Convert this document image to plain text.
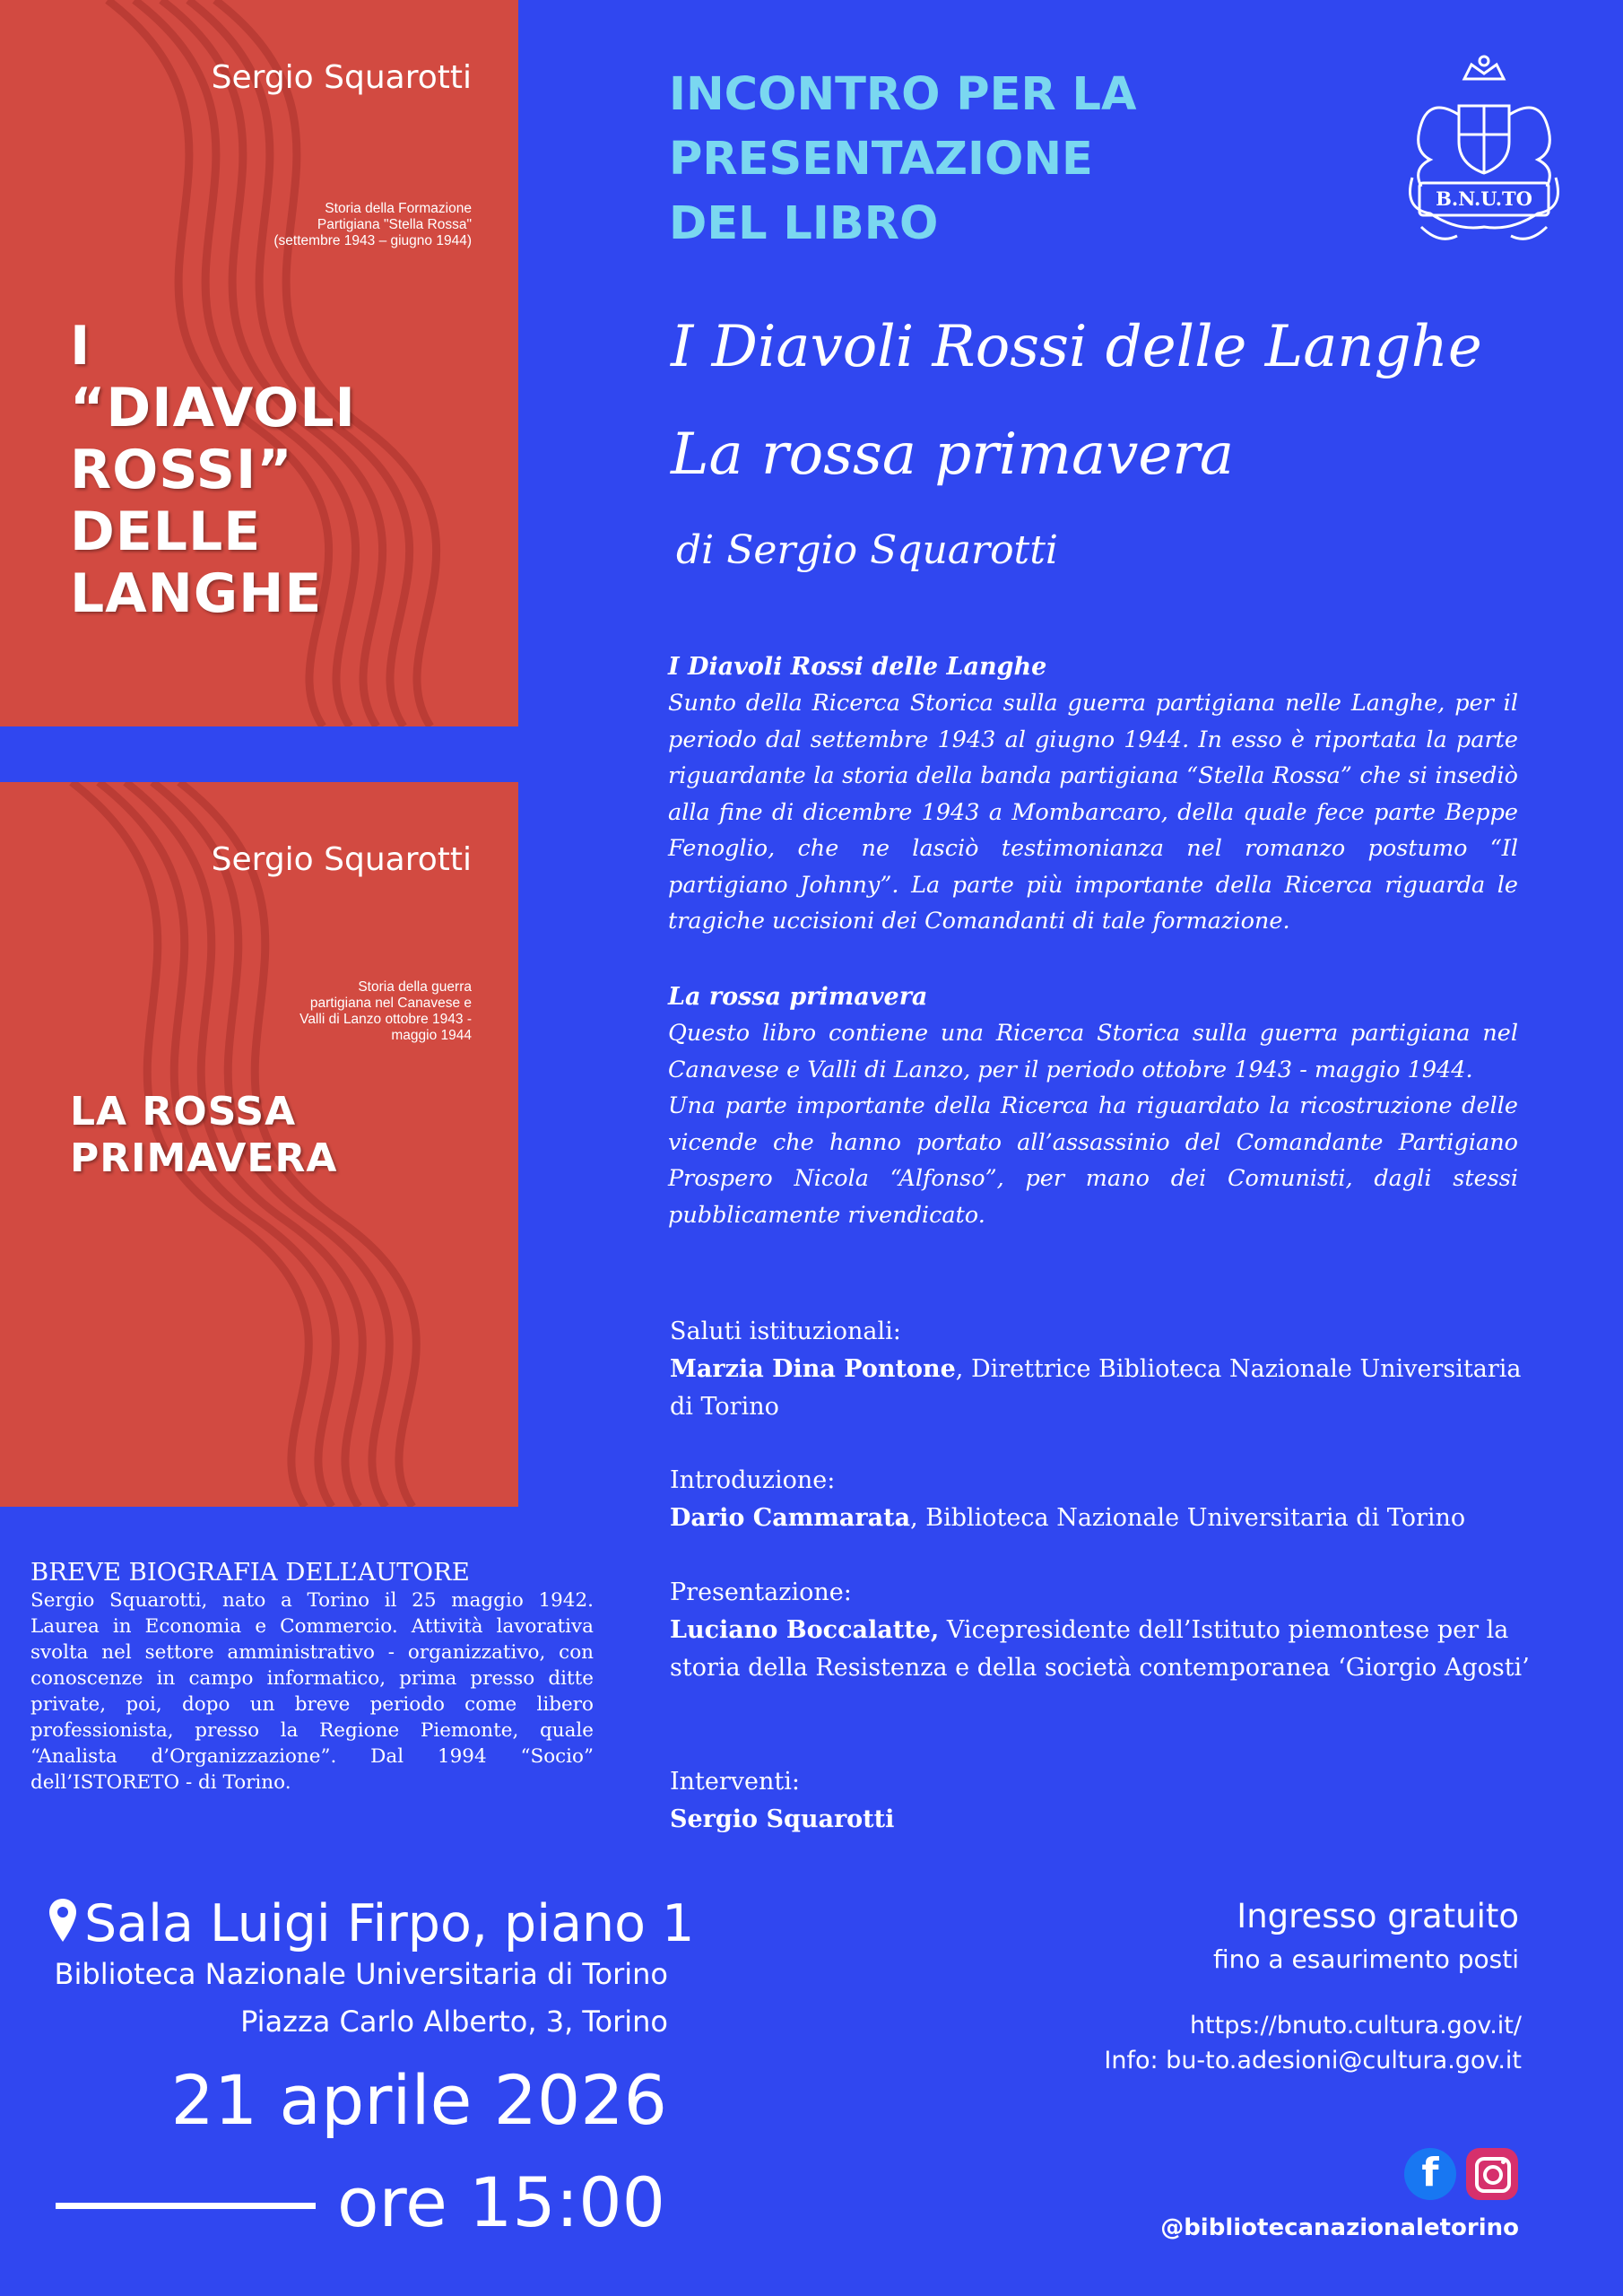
Sergio Squarotti
Storia della Formazione
Partigiana "Stella Rossa"
(settembre 1943 – giugno 1944)
I
“DIAVOLI
ROSSI”
DELLE
LANGHE
Sergio Squarotti
Storia della guerra
partigiana nel Canavese e
Valli di Lanzo ottobre 1943 -
maggio 1944
LA ROSSA
PRIMAVERA
INCONTRO PER LA
PRESENTAZIONE
DEL LIBRO	B.N.U.TO
I Diavoli Rossi delle Langhe
La rossa primavera
di Sergio Squarotti
I Diavoli Rossi delle Langhe
Sunto della Ricerca Storica sulla guerra partigiana nelle Langhe, per il periodo dal settembre 1943 al giugno 1944. In esso è riportata la parte riguardante la storia della banda partigiana “Stella Rossa” che si insediò alla fine di dicembre 1943 a Mombarcaro, della quale fece parte Beppe Fenoglio, che ne lasciò testimonianza nel romanzo postumo “Il partigiano Johnny”. La parte più importante della Ricerca riguarda le tragiche uccisioni dei Comandanti di tale formazione.
La rossa primavera
Questo libro contiene una Ricerca Storica sulla guerra partigiana nel Canavese e Valli di Lanzo, per il periodo ottobre 1943 - maggio 1944.
Una parte importante della Ricerca ha riguardato la ricostruzione delle vicende che hanno portato all’assassinio del Comandante Partigiano Prospero Nicola “Alfonso”, per mano dei Comunisti, dagli stessi pubblicamente rivendicato.
Saluti istituzionali:
Marzia Dina Pontone, Direttrice Biblioteca Nazionale Universitaria di Torino
Introduzione:
Dario Cammarata, Biblioteca Nazionale Universitaria di Torino
Presentazione:
Luciano Boccalatte, Vicepresidente dell’Istituto piemontese per la storia della Resistenza e della società contemporanea ‘Giorgio Agosti’
Interventi:
Sergio Squarotti
BREVE BIOGRAFIA DELL’AUTORE
Sergio Squarotti, nato a Torino il 25 maggio 1942. Laurea in Economia e Commercio. Attività lavorativa svolta nel settore amministrativo - organizzativo, con conoscenze in campo informatico, prima presso ditte private, poi, dopo un breve periodo come libero professionista, presso la Regione Piemonte, quale “Analista d’Organizzazione”. Dal 1994 “Socio” dell’ISTORETO - di Torino.
Sala Luigi Firpo, piano 1
Biblioteca Nazionale Universitaria di Torino
Piazza Carlo Alberto, 3, Torino
21 aprile 2026
ore 15:00
Ingresso gratuito
fino a esaurimento posti
https://bnuto.cultura.gov.it/
Info: bu-to.adesioni@cultura.gov.it
f
@bibliotecanazionaletorino
